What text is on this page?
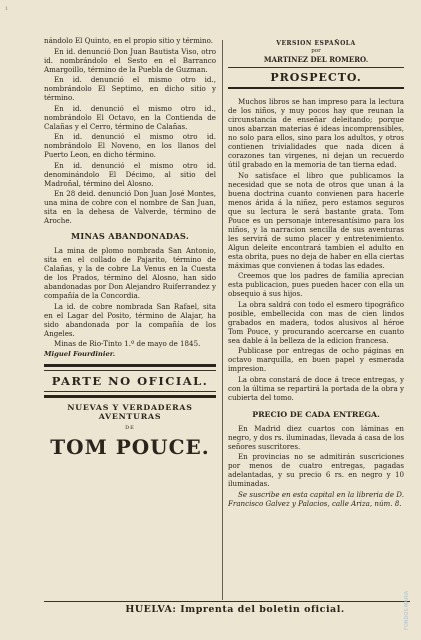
1

nándolo El Quinto, en el propio sitio y término.

En id. denunció Don Juan Bautista Viso, otro id. nombrándolo el Sesto en el Barranco Amargoillo, término de la Puebla de Guzman.

En id. denunció el mismo otro id., nombrándolo El Septimo, en dicho sitio y término.

En id. denunció el mismo otro id., nombrándolo El Octavo, en la Contienda de Calañas y el Cerro, término de Calañas.

En id. denunció el mismo otro id. nombrándolo El Noveno, en los llanos del Puerto Leon, en dicho término.

En id. denunció el mismo otro id. denominándolo El Décimo, al sitio del Madroñal, término del Alosno.

En 28 deid. denunció Don Juan José Montes, una mina de cobre con el nombre de San Juan, sita en la dehesa de Valverde, término de Aroche.

MINAS ABANDONADAS.

La mina de plomo nombrada San Antonio, sita en el collado de Pajarito, término de Calañas, y la de cobre La Venus en la Cuesta de los Prados, término del Alosno, han sido abandonadas por Don Alejandro Ruiferrandez y compañía de la Concordia.

La id. de cobre nombrada San Rafael, sita en el Lagar del Posito, término de Alajar, ha sido abandonada por la compañía de los Angeles.

Minas de Rio-Tinto 1.º de mayo de 1845.

Miguel Fourdinier.
PARTE NO OFICIAL.
NUEVAS Y VERDADERAS AVENTURAS
DE
TOM POUCE.
VERSION ESPAÑOLA
por
MARTINEZ DEL ROMERO.
PROSPECTO.

Muchos libros se han impreso para la lectura de los niños, y muy pocos hay que reunan la circunstancia de enseñar deleitando; porque unos abarzan materias é ideas incomprensibles, no solo para ellos, sino para los adultos, y otros contienen trivialidades que nada dicen á corazones tan virgenes, ni dejan un recuerdo útil grabado en la memoria de tan tierna edad.

No satisface el libro que publicamos la necesidad que se nota de otros que unan á la buena doctrina cuanto convienen para hacerle menos árida á la niñez, pero estamos seguros que su lectura le será bastante grata. Tom Pouce es un personaje interesantísimo para los niños, y la narracion sencilla de sus aventuras les servirá de sumo placer y entretenimiento. Algun deleite encontrará tambien el adulto en esta obrita, pues no deja de haber en ella ciertas máximas que convienen á todas las edades.

Creemos que los padres de familia aprecian esta publicacion, pues pueden hacer con ella un obsequio á sus hijos.

La obra saldrá con todo el esmero tipográfico posible, embellecida con mas de cien lindos grabados en madera, todos alusivos al héroe Tom Pouce, y procurando acercarse en cuanto sea dable á la belleza de la edicion francesa.

Publicase por entregas de ocho páginas en octavo marquilla, en buen papel y esmerada impresion.

La obra constará de doce á trece entregas, y con la última se repartirá la portada de la obra y cubierta del tomo.

PRECIO DE CADA ENTREGA.

En Madrid diez cuartos con láminas en negro, y dos rs. iluminadas, llevada á casa de los señores suscritores.

En provincias no se admitirán suscriciones por menos de cuatro entregas, pagadas adelantadas, y su precio 6 rs. en negro y 10 iluminadas.

Se suscribe en esta capital en la libreria de D. Francisco Galvez y Palacios, calle Ariza, núm. 8.

HUELVA: Imprenta del boletin oficial.	FONDOS MARIA
